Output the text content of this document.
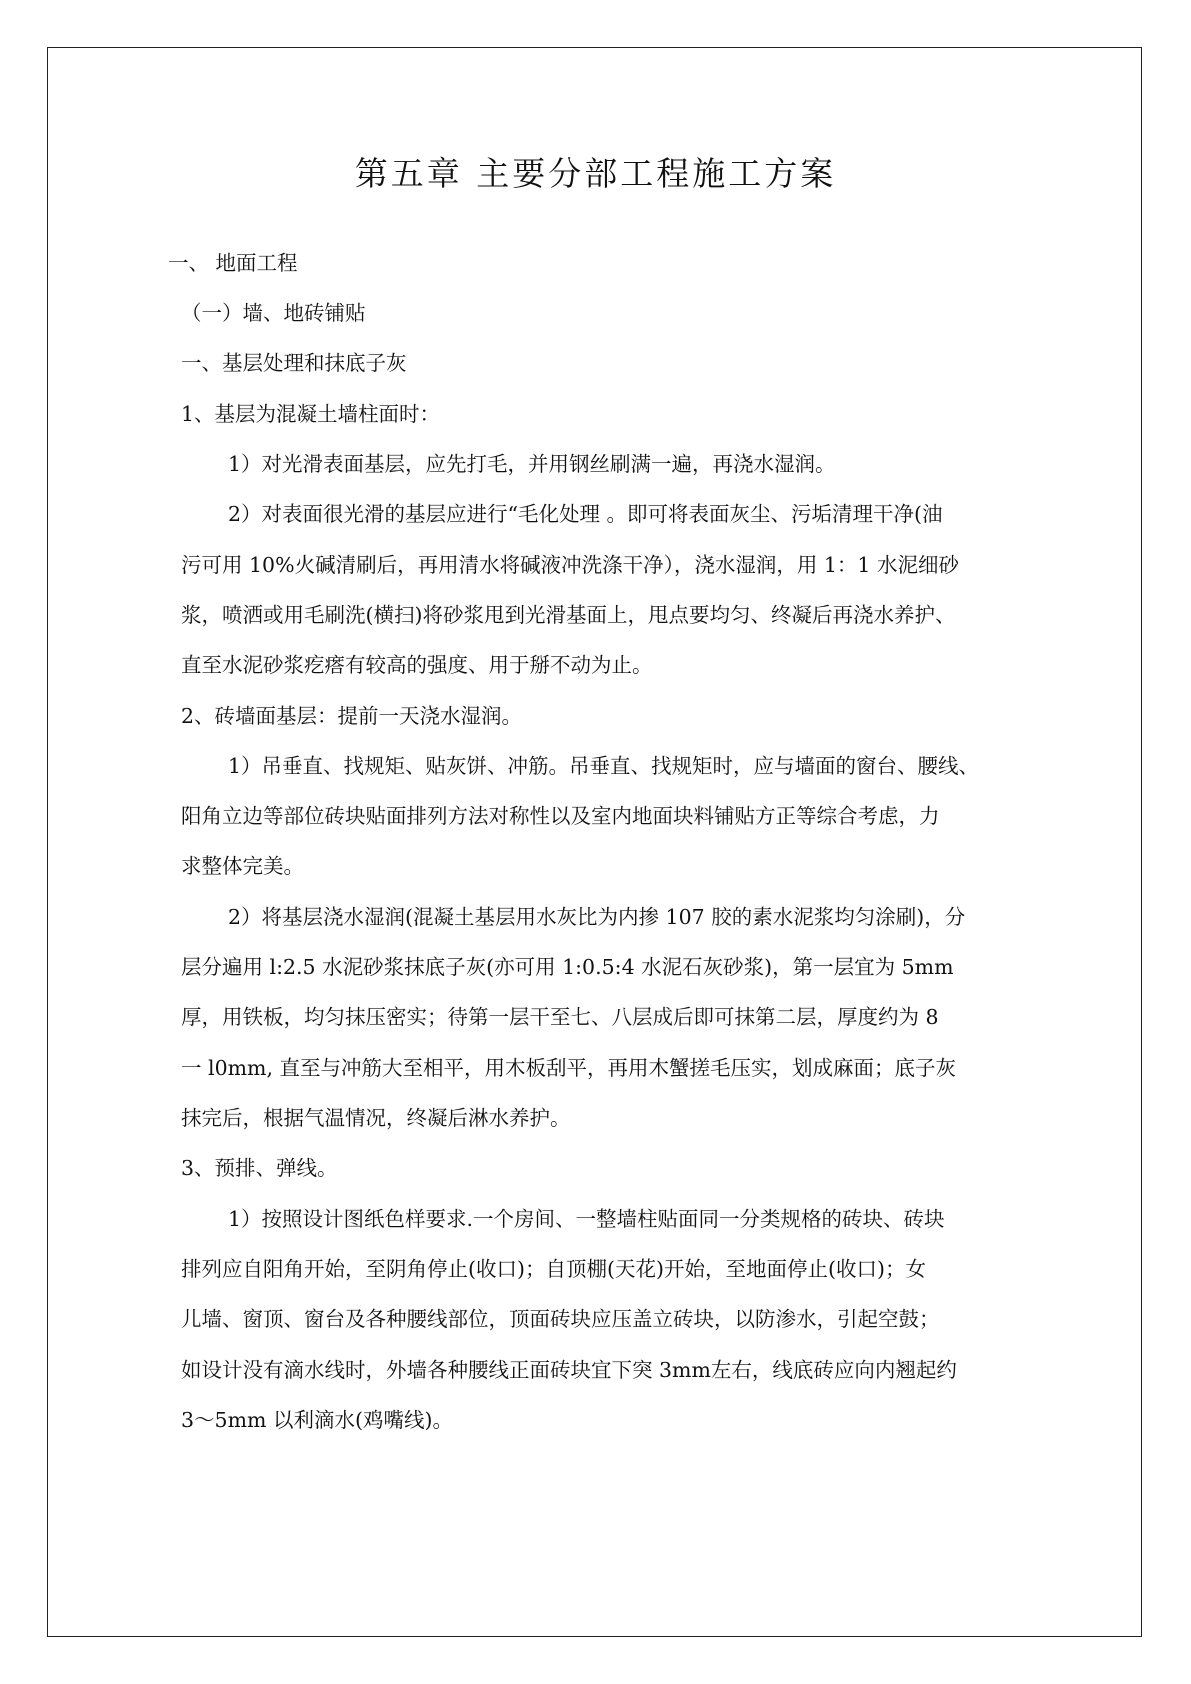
第五章 主要分部工程施工方案

一、 地面工程

（一）墙、地砖铺贴

一、基层处理和抹底子灰

1、基层为混凝土墙柱面时：

1）对光滑表面基层，应先打毛，并用钢丝刷满一遍，再浇水湿润。

2）对表面很光滑的基层应进行“毛化处理 。即可将表面灰尘、污垢清理干净(油

污可用 10%火碱清刷后，再用清水将碱液冲洗涤干净），浇水湿润，用 1：1 水泥细砂

浆，喷洒或用毛刷洗(横扫)将砂浆甩到光滑基面上，甩点要均匀、终凝后再浇水养护、

直至水泥砂浆疙瘩有较高的强度、用于掰不动为止。

2、砖墙面基层：提前一天浇水湿润。

1）吊垂直、找规矩、贴灰饼、冲筋。吊垂直、找规矩时，应与墙面的窗台、腰线、

阳角立边等部位砖块贴面排列方法对称性以及室内地面块料铺贴方正等综合考虑，力

求整体完美。

2）将基层浇水湿润(混凝土基层用水灰比为内掺 107 胶的素水泥浆均匀涂刷)，分

层分遍用 l:2.5 水泥砂浆抹底子灰(亦可用 1:0.5:4 水泥石灰砂浆)，第一层宜为 5mm

厚，用铁板，均匀抹压密实；待第一层干至七、八层成后即可抹第二层，厚度约为 8

一 l0mm, 直至与冲筋大至相平，用木板刮平，再用木蟹搓毛压实，划成麻面；底子灰

抹完后，根据气温情况，终凝后淋水养护。

3、预排、弹线。

1）按照设计图纸色样要求.一个房间、一整墙柱贴面同一分类规格的砖块、砖块

排列应自阳角开始，至阴角停止(收口)；自顶棚(天花)开始，至地面停止(收口)；女

儿墙、窗顶、窗台及各种腰线部位，顶面砖块应压盖立砖块，以防渗水，引起空鼓；

如设计没有滴水线时，外墙各种腰线正面砖块宜下突 3mm左右，线底砖应向内翘起约

3～5mm 以利滴水(鸡嘴线)。
